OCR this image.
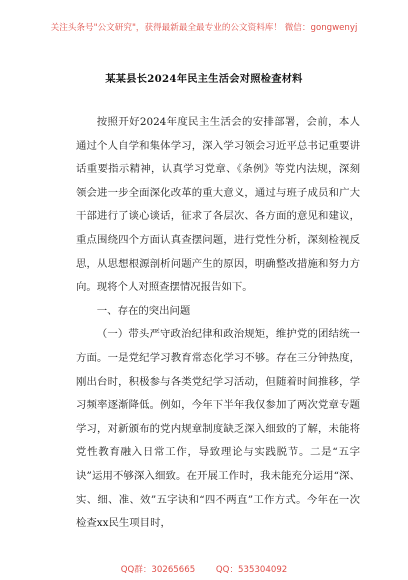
关注头条号"公文研究"，获得最新最全最专业的公文资料库！ 微信：gongwenyj
某某县长2024年民主生活会对照检查材料

按照开好2024年度民主生活会的安排部署，会前，本人通过个人自学和集体学习，深入学习领会习近平总书记重要讲话重要指示精神，认真学习党章、《条例》等党内法规，深刻领会进一步全面深化改革的重大意义，通过与班子成员和广大干部进行了谈心谈话，征求了各层次、各方面的意见和建议，重点围绕四个方面认真查摆问题，进行党性分析，深刻检视反思，从思想根源剖析问题产生的原因，明确整改措施和努力方向。现将个人对照查摆情况报告如下。

一、存在的突出问题

（一）带头严守政治纪律和政治规矩，维护党的团结统一方面。一是党纪学习教育常态化学习不够。存在三分钟热度，刚出台时，积极参与各类党纪学习活动，但随着时间推移，学习频率逐渐降低。例如，今年下半年我仅参加了两次党章专题学习，对新颁布的党内规章制度缺乏深入细致的了解，未能将党性教育融入日常工作，导致理论与实践脱节。二是“五字诀”运用不够深入细致。在开展工作时，我未能充分运用“深、实、细、准、效”五字诀和“四不两直”工作方式。今年在一次检查xx民生项目时，

QQ群：30265665 QQ：535304092
